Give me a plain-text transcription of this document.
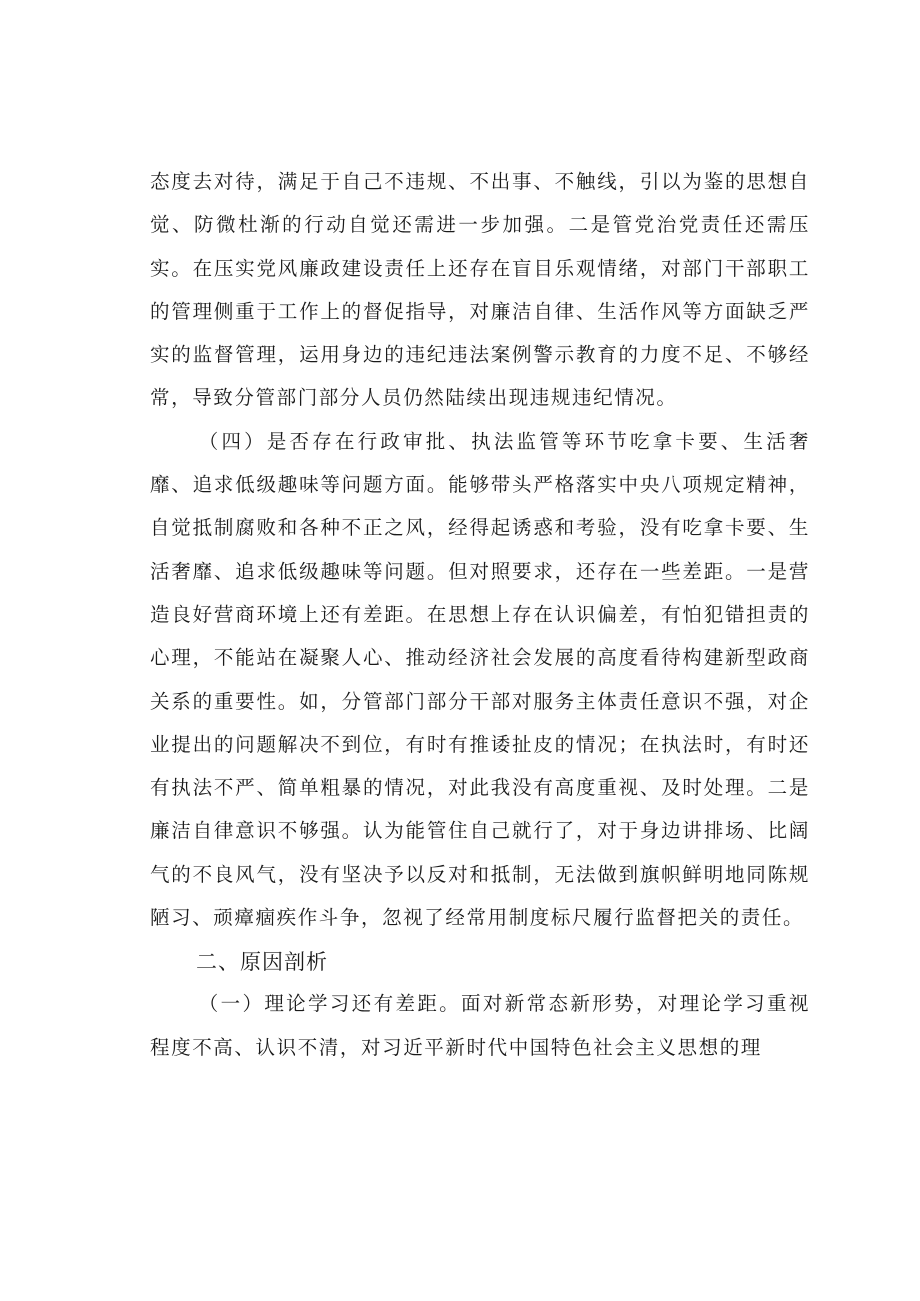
态度去对待，满足于自己不违规、不出事、不触线，引以为鉴的思想自觉、防微杜渐的行动自觉还需进一步加强。二是管党治党责任还需压实。在压实党风廉政建设责任上还存在盲目乐观情绪，对部门干部职工的管理侧重于工作上的督促指导，对廉洁自律、生活作风等方面缺乏严实的监督管理，运用身边的违纪违法案例警示教育的力度不足、不够经常，导致分管部门部分人员仍然陆续出现违规违纪情况。

（四）是否存在行政审批、执法监管等环节吃拿卡要、生活奢靡、追求低级趣味等问题方面。能够带头严格落实中央八项规定精神，自觉抵制腐败和各种不正之风，经得起诱惑和考验，没有吃拿卡要、生活奢靡、追求低级趣味等问题。但对照要求，还存在一些差距。一是营造良好营商环境上还有差距。在思想上存在认识偏差，有怕犯错担责的心理，不能站在凝聚人心、推动经济社会发展的高度看待构建新型政商关系的重要性。如，分管部门部分干部对服务主体责任意识不强，对企业提出的问题解决不到位，有时有推诿扯皮的情况；在执法时，有时还有执法不严、简单粗暴的情况，对此我没有高度重视、及时处理。二是廉洁自律意识不够强。认为能管住自己就行了，对于身边讲排场、比阔气的不良风气，没有坚决予以反对和抵制，无法做到旗帜鲜明地同陈规陋习、顽瘴痼疾作斗争，忽视了经常用制度标尺履行监督把关的责任。

二、原因剖析

（一）理论学习还有差距。面对新常态新形势，对理论学习重视程度不高、认识不清，对习近平新时代中国特色社会主义思想的理
